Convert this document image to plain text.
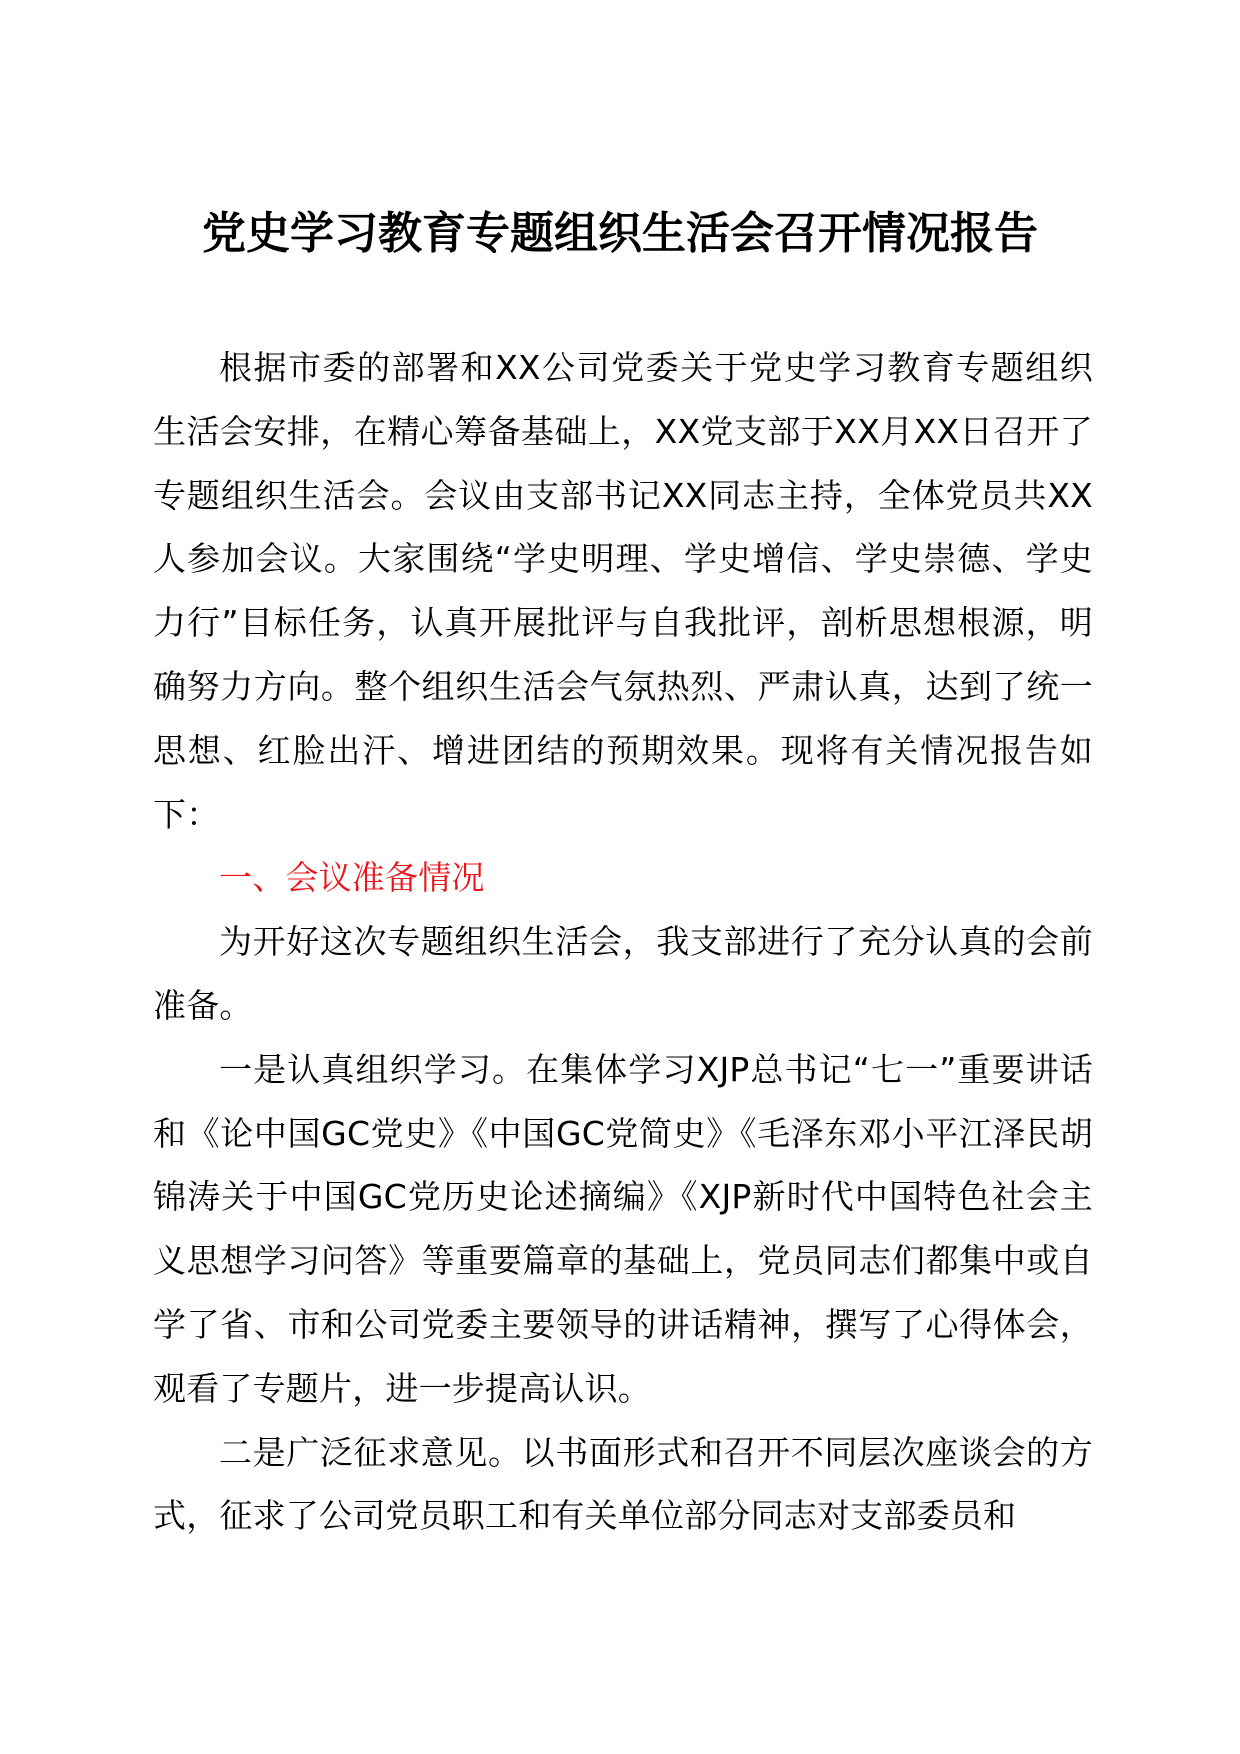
党史学习教育专题组织生活会召开情况报告

根据市委的部署和XX公司党委关于党史学习教育专题组织生活会安排，在精心筹备基础上，XX党支部于XX月XX日召开了专题组织生活会。会议由支部书记XX同志主持，全体党员共XX人参加会议。大家围绕“学史明理、学史增信、学史崇德、学史力行”目标任务，认真开展批评与自我批评，剖析思想根源，明确努力方向。整个组织生活会气氛热烈、严肃认真，达到了统一思想、红脸出汗、增进团结的预期效果。现将有关情况报告如下：

一、会议准备情况

为开好这次专题组织生活会，我支部进行了充分认真的会前准备。

一是认真组织学习。在集体学习XJP总书记“七一”重要讲话和《论中国GC党史》《中国GC党简史》《毛泽东邓小平江泽民胡锦涛关于中国GC党历史论述摘编》《XJP新时代中国特色社会主义思想学习问答》等重要篇章的基础上，党员同志们都集中或自学了省、市和公司党委主要领导的讲话精神，撰写了心得体会，观看了专题片，进一步提高认识。

二是广泛征求意见。以书面形式和召开不同层次座谈会的方式，征求了公司党员职工和有关单位部分同志对支部委员和
